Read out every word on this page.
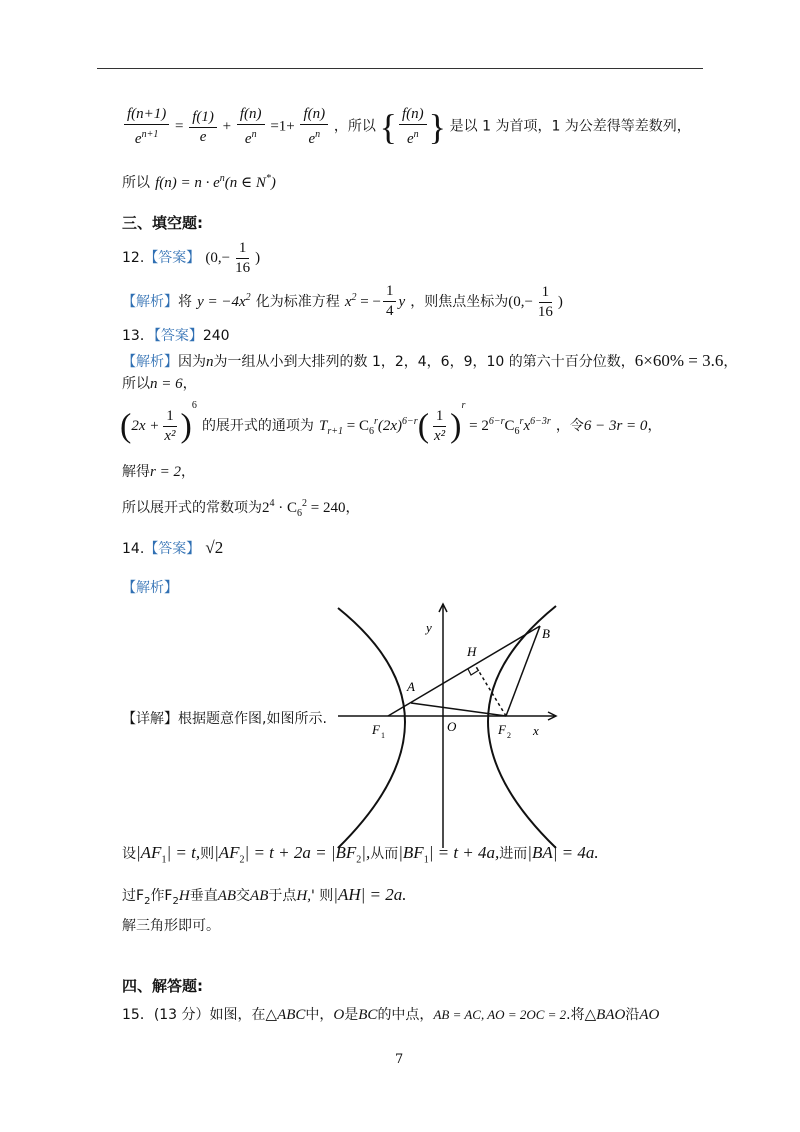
$\frac{f(n+1)}{e^{n+1}} = \frac{f(1)}{e} + \frac{f(n)}{e^n} =1+ \frac{f(n)}{e^n}$ ，所以 { $\frac{f(n)}{e^n}$ } 是以 1 为首项，1 为公差得等差数列，
所以 $f(n) = n \cdot e^n(n$ ∈ N*)
三、填空题:
12.【答案】 ($0,- \frac{1}{16}$ )
【解析】将 $y = -4x^2$ 化为标准方程 $x^2$ = − $\frac{1}{4}$ y ，则焦点坐标为($0,- \frac{1}{16}$ )
13．【答案】240
【解析】因为n为一组从小到大排列的数 1，2，4，6，9，10 的第六十百分位数，6×60% = 3.6，
所以n = 6，
$(2x + \frac{1}{\text{x²}} )^6$ 的展开式的通项为 $T_{r+1} = C_6^r(2x)^{6-r}( \frac{1}{\text{x²}} )^r = 2^{6-r}C_6^rx^{6-3r}$ ，令6 − 3r = 0，
解得r = 2，
所以展开式的常数项为$2^4 \cdot C_6^2 = 240$，
14.【答案】 √2
【解析】
【详解】根据题意作图,如图所示.
y
x
O
A
B
H
F 1	F 2
设$|AF_1| = t$,则$|AF_2| = t + 2a = |BF_2|$,从而$|BF_1| = t + 4a$,进而|BA| = 4a.
过$F_2$作$F_2H$垂直AB交AB于点H,' 则|AH| = 2a.
解三角形即可。
四、解答题:
15．(13 分）如图，在△ABC中，O是BC的中点，AB = AC, AO = 2OC = 2.将△BAO沿AO
7
